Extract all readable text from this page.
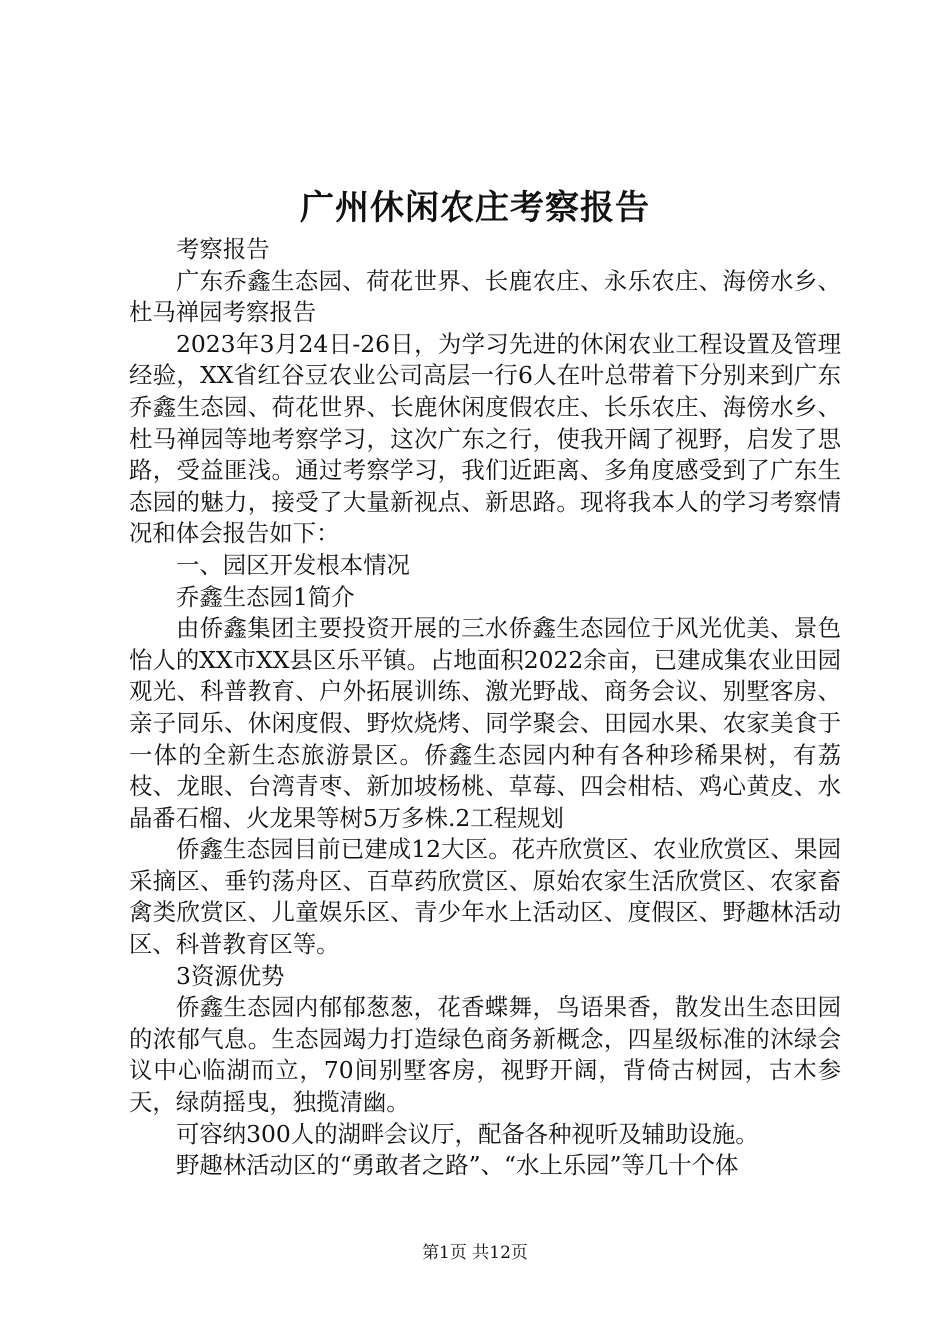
广州休闲农庄考察报告

考察报告

广东乔鑫生态园、荷花世界、长鹿农庄、永乐农庄、海傍水乡、杜马禅园考察报告

2023年3月24日-26日，为学习先进的休闲农业工程设置及管理经验，XX省红谷豆农业公司高层一行6人在叶总带着下分别来到广东乔鑫生态园、荷花世界、长鹿休闲度假农庄、长乐农庄、海傍水乡、杜马禅园等地考察学习，这次广东之行，使我开阔了视野，启发了思路，受益匪浅。通过考察学习，我们近距离、多角度感受到了广东生态园的魅力，接受了大量新视点、新思路。现将我本人的学习考察情况和体会报告如下：

一、园区开发根本情况

乔鑫生态园1简介

由侨鑫集团主要投资开展的三水侨鑫生态园位于风光优美、景色怡人的XX市XX县区乐平镇。占地面积2022余亩，已建成集农业田园观光、科普教育、户外拓展训练、激光野战、商务会议、别墅客房、亲子同乐、休闲度假、野炊烧烤、同学聚会、田园水果、农家美食于一体的全新生态旅游景区。侨鑫生态园内种有各种珍稀果树，有荔枝、龙眼、台湾青枣、新加坡杨桃、草莓、四会柑桔、鸡心黄皮、水晶番石榴、火龙果等树5万多株.2工程规划

侨鑫生态园目前已建成12大区。花卉欣赏区、农业欣赏区、果园采摘区、垂钓荡舟区、百草药欣赏区、原始农家生活欣赏区、农家畜禽类欣赏区、儿童娱乐区、青少年水上活动区、度假区、野趣林活动区、科普教育区等。

3资源优势

侨鑫生态园内郁郁葱葱，花香蝶舞，鸟语果香，散发出生态田园的浓郁气息。生态园竭力打造绿色商务新概念，四星级标准的沐绿会议中心临湖而立，70间别墅客房，视野开阔，背倚古树园，古木参天，绿荫摇曳，独揽清幽。

可容纳300人的湖畔会议厅，配备各种视听及辅助设施。

野趣林活动区的“勇敢者之路”、“水上乐园”等几十个体

第1页 共12页
